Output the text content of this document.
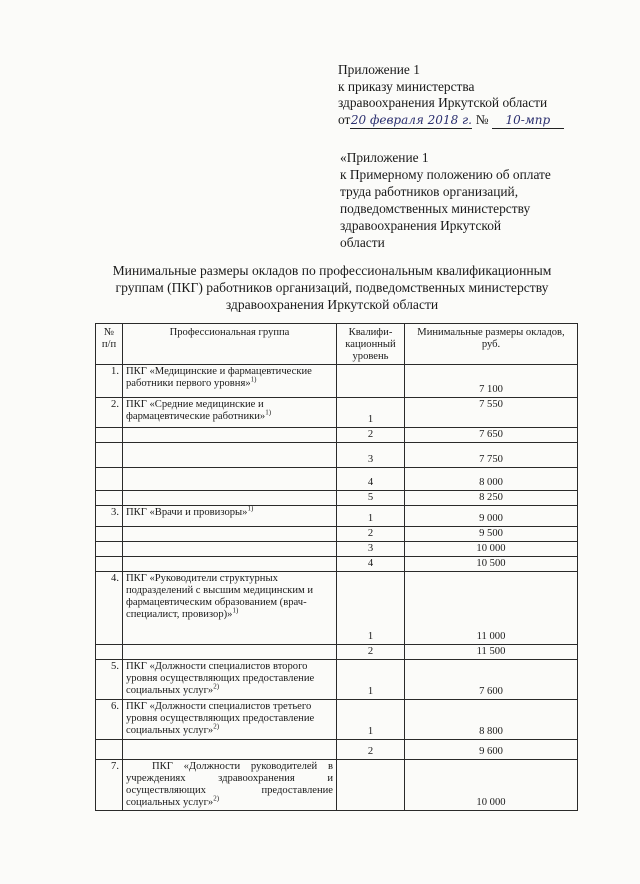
Приложение 1
к приказу министерства
здравоохранения Иркутской области
от20 февраля 2018 г. № 10-мпр
«Приложение 1
к Примерному положению об оплате
труда работников организаций,
подведомственных министерству
здравоохранения Иркутской
области
Минимальные размеры окладов по профессиональным квалификационным
группам (ПКГ) работников организаций, подведомственных министерству
здравоохранения Иркутской области
№ п/п	Профессиональная группа	Квалифи- кационный уровень	Минимальные размеры окладов, руб.
1.	ПКГ «Медицинские и фармацевтические работники первого уровня»$^{1)}$		7 100
2.	ПКГ «Средние медицинские и фармацевтические работники»$^{1)}$	1	7 550
		2	7 650
		3	7 750
		4	8 000
		5	8 250
3.	ПКГ «Врачи и провизоры»$^{1)}$	1	9 000
		2	9 500
		3	10 000
		4	10 500
4.	ПКГ «Руководители структурных подразделений с высшим медицинским и фармацевтическим образованием (врач-специалист, провизор)»$^{1)}$	1	11 000
		2	11 500
5.	ПКГ «Должности специалистов второго уровня осуществляющих предоставление социальных услуг»$^{2)}$	1	7 600
6.	ПКГ «Должности специалистов третьего уровня осуществляющих предоставление социальных услуг»$^{2)}$	1	8 800
		2	9 600
7.	ПКГ «Должности руководителей в учреждениях здравоохранения и осуществляющих предоставление социальных услуг»$^{2)}$		10 000
